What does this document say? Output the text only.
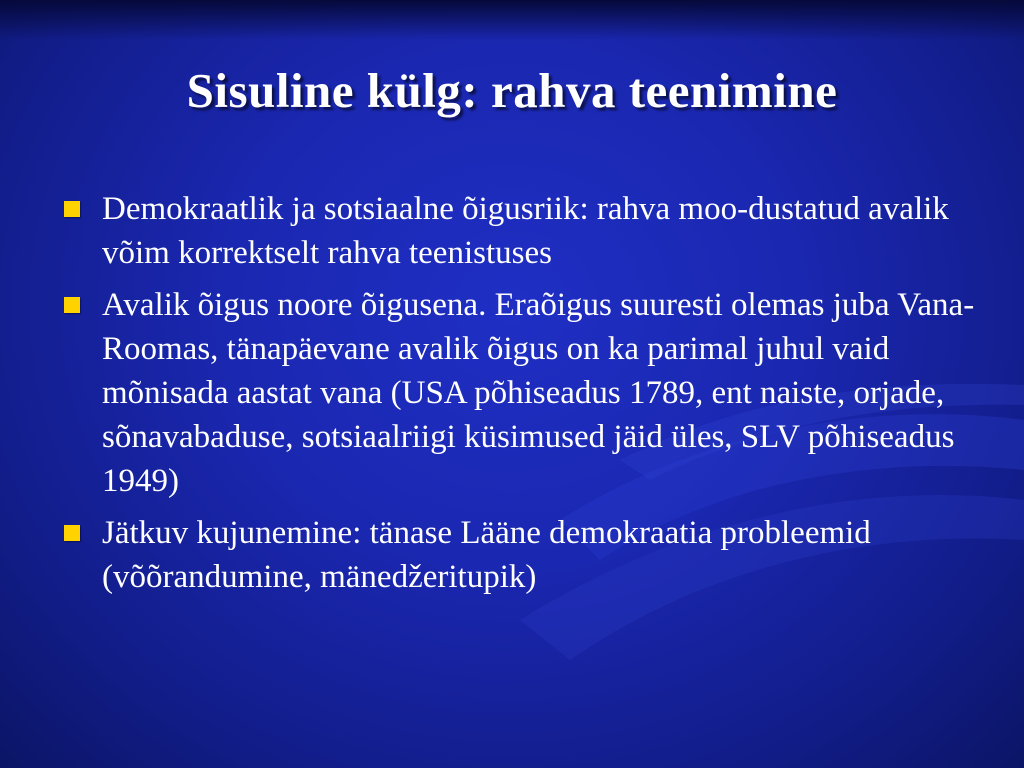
Sisuline külg: rahva teenimine
Demokraatlik ja sotsiaalne õigusriik: rahva moo-dustatud avalik võim korrektselt rahva teenistuses
Avalik õigus noore õigusena. Eraõigus suuresti olemas juba Vana-Roomas, tänapäevane avalik õigus on ka parimal juhul vaid mõnisada aastat vana (USA põhiseadus 1789, ent naiste, orjade, sõnavabaduse, sotsiaalriigi küsimused jäid üles, SLV põhiseadus 1949)
Jätkuv kujunemine: tänase Lääne demokraatia probleemid (võõrandumine, mänedžeritupik)
